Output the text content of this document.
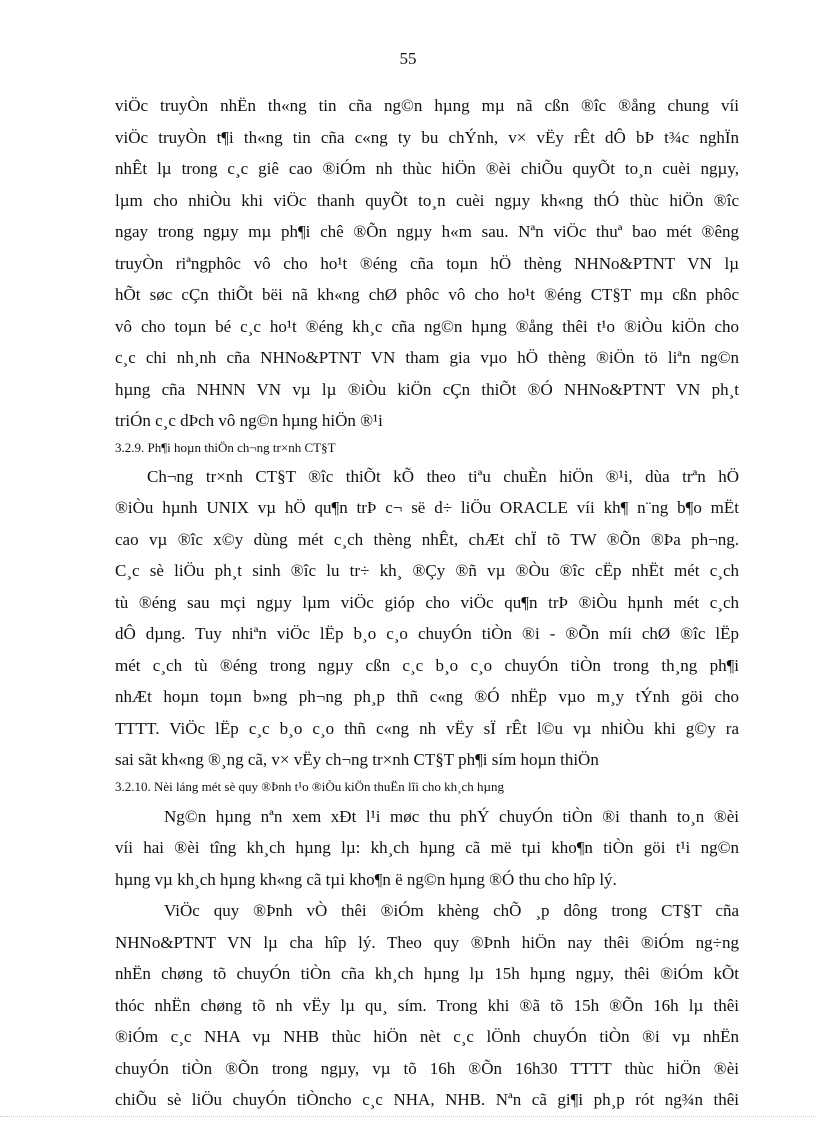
55
viÖc truyÒn nhËn th«ng tin cña ng©n hµng mµ nã cßn ®îc ®ång chung víi
viÖc truyÒn t¶i th«ng tin cña c«ng ty bu chÝnh, v× vËy rÊt dÔ bÞ t¾c nghÏn
nhÊt lµ trong c¸c giê cao ®iÓm nh thùc hiÖn ®èi chiÕu quyÕt to¸n cuèi ngµy,
lµm cho nhiÒu khi viÖc thanh quyÕt to¸n cuèi ngµy kh«ng thÓ thùc hiÖn ®îc
ngay trong ngµy mµ ph¶i chê ®Õn ngµy h«m sau. Nªn viÖc thuª bao mét ®êng
truyÒn riªngphôc vô cho ho¹t ®éng cña toµn hÖ thèng NHNo&PTNT VN lµ
hÕt søc cÇn thiÕt bëi nã kh«ng chØ phôc vô cho ho¹t ®éng CT§T mµ cßn phôc
vô cho toµn bé c¸c ho¹t ®éng kh¸c cña ng©n hµng ®ång thêi t¹o ®iÒu kiÖn cho
c¸c chi nh¸nh cña NHNo&PTNT VN tham gia vµo hÖ thèng ®iÖn tö liªn ng©n
hµng cña NHNN VN vµ lµ ®iÒu kiÖn cÇn thiÕt ®Ó NHNo&PTNT VN ph¸t
triÓn c¸c dÞch vô ng©n hµng hiÖn ®¹i
3.2.9. Ph¶i hoµn thiÖn ch¬ng tr×nh CT§T
Ch¬ng tr×nh CT§T ®îc thiÕt kÕ theo tiªu chuÈn hiÖn ®¹i, dùa trªn hÖ
®iÒu hµnh UNIX vµ hÖ qu¶n trÞ c¬ së d÷ liÖu ORACLE víi kh¶ n¨ng b¶o mËt
cao vµ ®îc x©y dùng mét c¸ch thèng nhÊt, chÆt chÏ tõ TW ®Õn ®Þa ph¬ng.
C¸c sè liÖu ph¸t sinh ®îc lu tr÷ kh¸ ®Çy ®ñ vµ ®Òu ®îc cËp nhËt mét c¸ch
tù ®éng sau mçi ngµy lµm viÖc gióp cho viÖc qu¶n trÞ ®iÒu hµnh mét c¸ch
dÔ dµng. Tuy nhiªn viÖc lËp b¸o c¸o chuyÓn tiÒn ®i - ®Õn míi chØ ®îc lËp
mét c¸ch tù ®éng trong ngµy cßn c¸c b¸o c¸o chuyÓn tiÒn trong th¸ng ph¶i
nhÆt hoµn toµn b»ng ph¬ng ph¸p thñ c«ng ®Ó nhËp vµo m¸y tÝnh göi cho
TTTT. ViÖc lËp c¸c b¸o c¸o thñ c«ng nh vËy sÏ rÊt l©u vµ nhiÒu khi g©y ra
sai sãt kh«ng ®¸ng cã, v× vËy ch¬ng tr×nh CT§T ph¶i sím hoµn thiÖn
3.2.10. Nèi láng mét sè quy ®Þnh t¹o ®iÒu kiÖn thuËn lîi cho kh¸ch hµng
Ng©n hµng nªn xem xÐt l¹i møc thu phÝ chuyÓn tiÒn ®i thanh to¸n ®èi
víi hai ®èi tîng kh¸ch hµng lµ: kh¸ch hµng cã më tµi kho¶n tiÒn göi t¹i ng©n
hµng vµ kh¸ch hµng kh«ng cã tµi kho¶n ë ng©n hµng ®Ó thu cho hîp lý.
ViÖc quy ®Þnh vÒ thêi ®iÓm khèng chÕ ¸p dông trong CT§T cña
NHNo&PTNT VN lµ cha hîp lý. Theo quy ®Þnh hiÖn nay thêi ®iÓm ng÷ng
nhËn chøng tõ chuyÓn tiÒn cña kh¸ch hµng lµ 15h hµng ngµy, thêi ®iÓm kÕt
thóc nhËn chøng tõ nh vËy lµ qu¸ sím. Trong khi ®ã tõ 15h ®Õn 16h lµ thêi
®iÓm c¸c NHA vµ NHB thùc hiÖn nèt c¸c lÖnh chuyÓn tiÒn ®i vµ nhËn
chuyÓn tiÒn ®Õn trong ngµy, vµ tõ 16h ®Õn 16h30 TTTT thùc hiÖn ®èi
chiÕu sè liÖu chuyÓn tiÒncho c¸c NHA, NHB. Nªn cã gi¶i ph¸p rót ng¾n thêi
